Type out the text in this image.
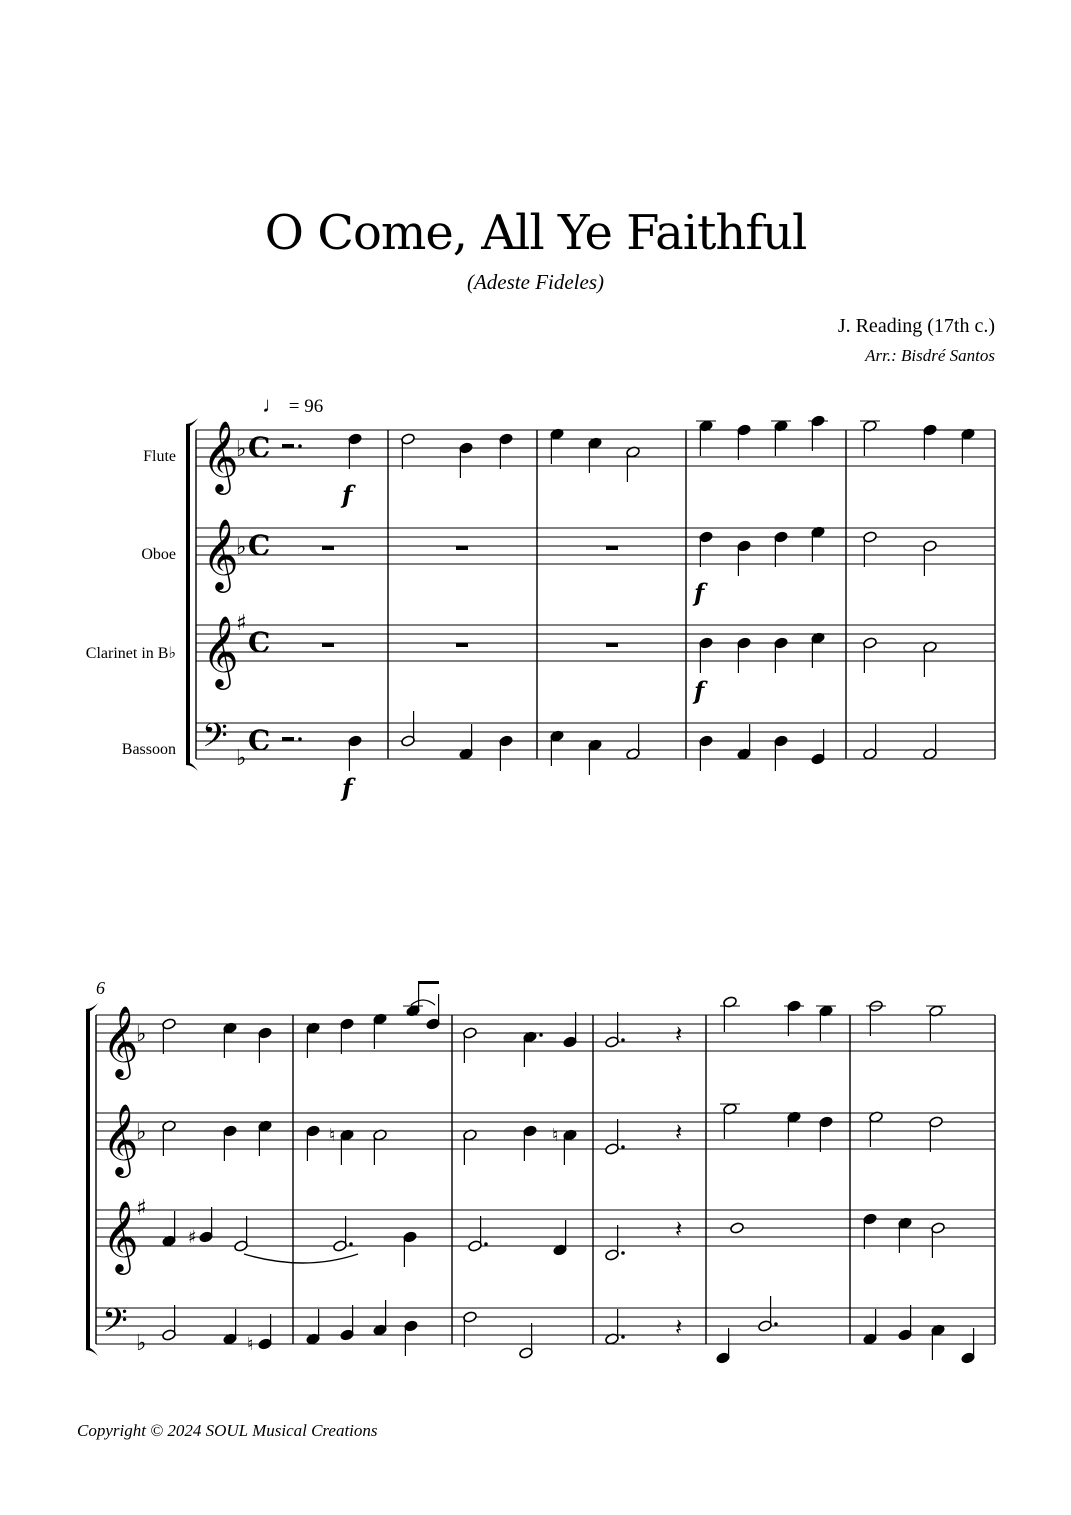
O Come, All Ye Faithful
(Adeste Fideles)
J. Reading (17th c.)
Arr.: Bisdré Santos
♩ = 96
Flute
Oboe
Clarinet in B♭
Bassoon
𝄞
♭ C
𝄞
♭ C
𝄞
♯
C
𝄢 ♭
C
𝄞
♭
𝄞
♭
𝄞
♯
𝄢 ♭
f
f
f
f
𝄽
♮	♮	𝄽
♯	𝄽
♮
𝄽
6
Copyright © 2024 SOUL Musical Creations
